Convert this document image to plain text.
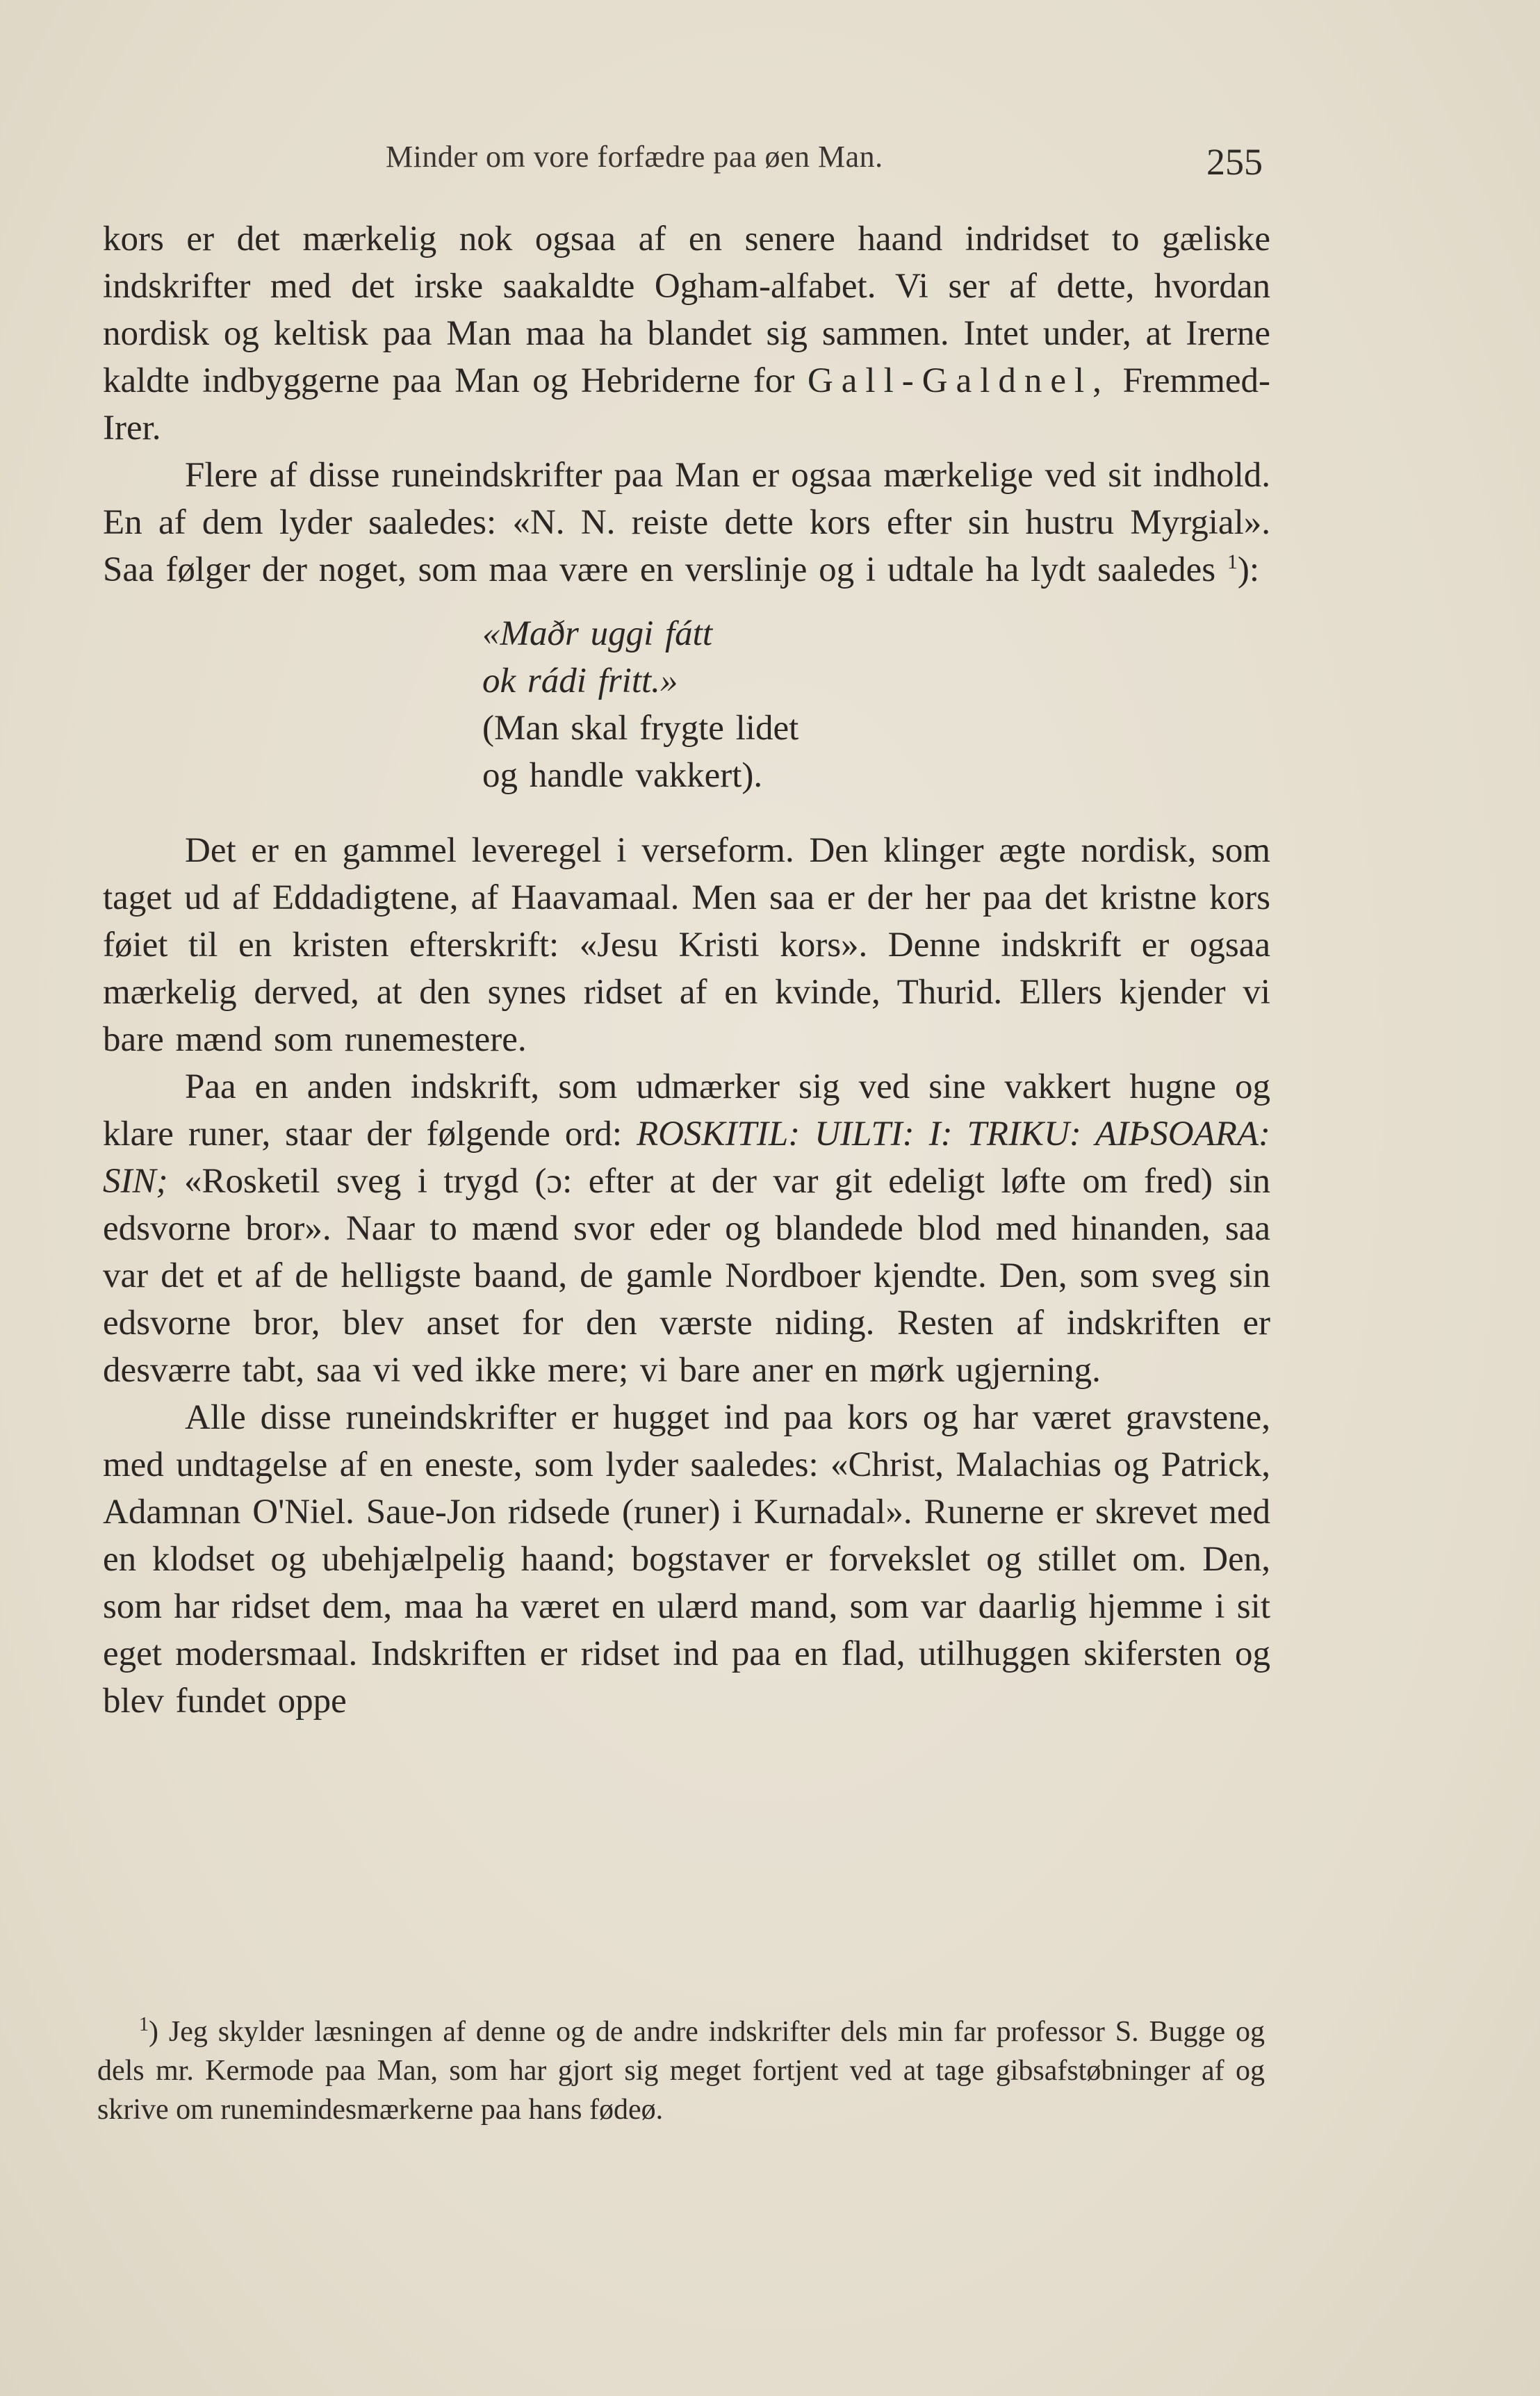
Minder om vore forfædre paa øen Man.	255

kors er det mærkelig nok ogsaa af en senere haand indridset to gæliske indskrifter med det irske saakaldte Ogham-alfabet. Vi ser af dette, hvordan nordisk og keltisk paa Man maa ha blandet sig sammen. Intet under, at Irerne kaldte indbyggerne paa Man og Hebriderne for Gall-Galdnel, Fremmed-Irer.

Flere af disse runeindskrifter paa Man er ogsaa mærkelige ved sit indhold. En af dem lyder saaledes: «N. N. reiste dette kors efter sin hustru Myrgial». Saa følger der noget, som maa være en verslinje og i udtale ha lydt saaledes $^1$):

«Maðr uggi fátt
ok rádi fritt.»
(Man skal frygte lidet
og handle vakkert).

Det er en gammel leveregel i verseform. Den klinger ægte nordisk, som taget ud af Eddadigtene, af Haavamaal. Men saa er der her paa det kristne kors føiet til en kristen efterskrift: «Jesu Kristi kors». Denne indskrift er ogsaa mærkelig derved, at den synes ridset af en kvinde, Thurid. Ellers kjender vi bare mænd som runemestere.

Paa en anden indskrift, som udmærker sig ved sine vakkert hugne og klare runer, staar der følgende ord: ROSKITIL: UILTI: I: TRIKU: AIÞSOARA: SIN; «Rosketil sveg i trygd (ɔ: efter at der var git edeligt løfte om fred) sin edsvorne bror». Naar to mænd svor eder og blandede blod med hinanden, saa var det et af de helligste baand, de gamle Nordboer kjendte. Den, som sveg sin edsvorne bror, blev anset for den værste niding. Resten af indskriften er desværre tabt, saa vi ved ikke mere; vi bare aner en mørk ugjerning.

Alle disse runeindskrifter er hugget ind paa kors og har været gravstene, med undtagelse af en eneste, som lyder saaledes: «Christ, Malachias og Patrick, Adamnan O'Niel. Saue-Jon ridsede (runer) i Kurnadal». Runerne er skrevet med en klodset og ubehjælpelig haand; bogstaver er forvekslet og stillet om. Den, som har ridset dem, maa ha været en ulærd mand, som var daarlig hjemme i sit eget modersmaal. Indskriften er ridset ind paa en flad, utilhuggen skifersten og blev fundet oppe

$^1$) Jeg skylder læsningen af denne og de andre indskrifter dels min far professor S. Bugge og dels mr. Kermode paa Man, som har gjort sig meget fortjent ved at tage gibsafstøbninger af og skrive om runemindesmærkerne paa hans fødeø.
